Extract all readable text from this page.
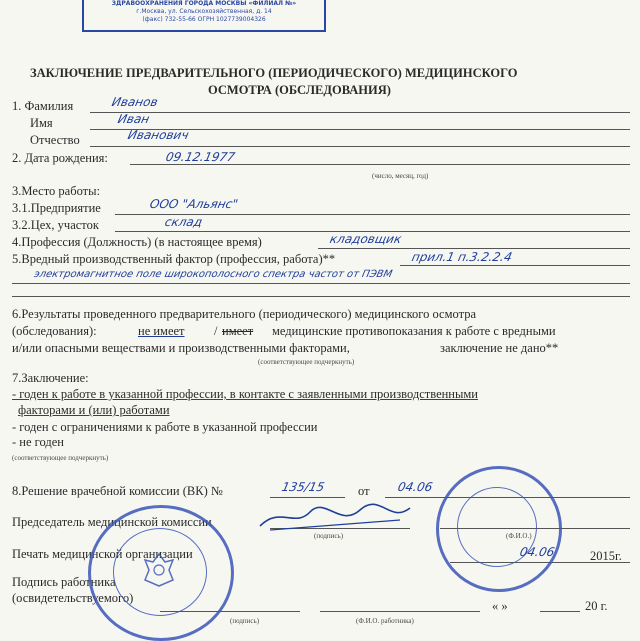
ЗДРАВООХРАНЕНИЯ ГОРОДА МОСКВЫ «ФИЛИАЛ №»
г.Москва, ул. Сельскохозяйственная, д. 14
(факс) 732-55-66 ОГРН 1027739004326
ЗАКЛЮЧЕНИЕ ПРЕДВАРИТЕЛЬНОГО (ПЕРИОДИЧЕСКОГО) МЕДИЦИНСКОГО
ОСМОТРА (ОБСЛЕДОВАНИЯ)
1. Фамилия	Иванов
Имя	Иван
Отчество	Иванович
2. Дата рождения:	09.12.1977
(число, месяц, год)
3.Место работы:
3.1.Предприятие	ООО "Альянс"
3.2.Цех, участок	склад
4.Профессия (Должность) (в настоящее время)	кладовщик
5.Вредный производственный фактор (профессия, работа)**	прил.1 п.3.2.2.4
электромагнитное поле широкополосного спектра частот от ПЭВМ
6.Результаты проведенного предварительного (периодического) медицинского осмотра
(обследования):	не имеет / имеет медицинские противопоказания к работе с вредными
и/или опасными веществами и производственными факторами,	заключение не дано**
(соответствующее подчеркнуть)
7.Заключение:
- годен к работе в указанной профессии, в контакте с заявленными производственными
факторами и (или) работами
- годен с ограничениями к работе в указанной профессии
- не годен
(соответствующее подчеркнуть)
8.Решение врачебной комиссии (ВК) №	135/15	от 04.06
Председатель медицинской комиссии
(подпись)	(Ф.И.О.)
Печать медицинской организации	04.06	2015г.
Подпись работника
(освидетельствуемого)
« »	20 г.
(подпись)	(Ф.И.О. работника)
